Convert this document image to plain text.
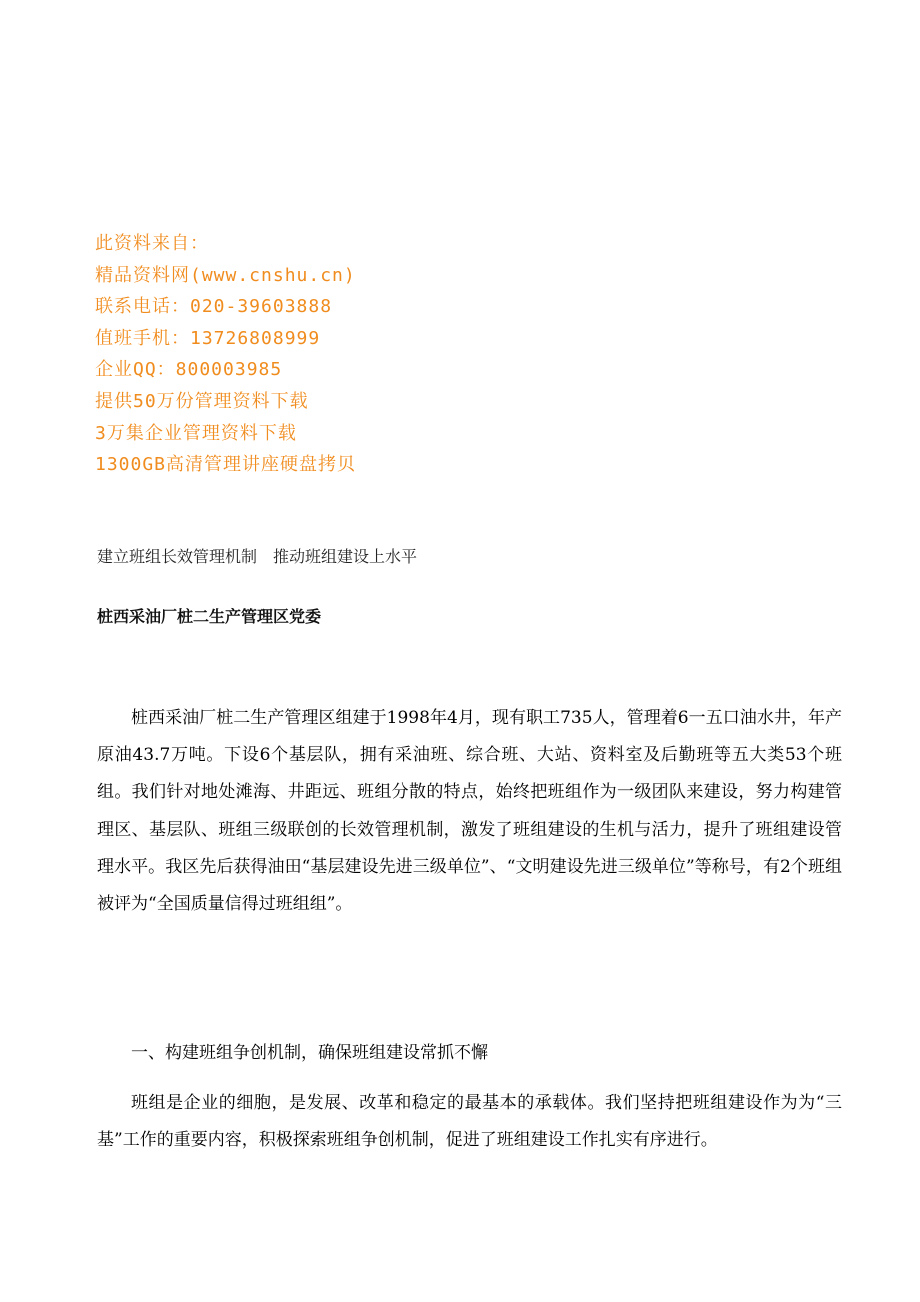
此资料来自：
精品资料网(www.cnshu.cn)
联系电话：020-39603888
值班手机：13726808999
企业QQ：800003985
提供50万份管理资料下载
3万集企业管理资料下载
1300GB高清管理讲座硬盘拷贝
建立班组长效管理机制　推动班组建设上水平
桩西采油厂桩二生产管理区党委

桩西采油厂桩二生产管理区组建于1998年4月，现有职工735人，管理着6一五口油水井，年产原油43.7万吨。下设6个基层队，拥有采油班、综合班、大站、资料室及后勤班等五大类53个班组。我们针对地处滩海、井距远、班组分散的特点，始终把班组作为一级团队来建设，努力构建管理区、基层队、班组三级联创的长效管理机制，激发了班组建设的生机与活力，提升了班组建设管理水平。我区先后获得油田“基层建设先进三级单位”、“文明建设先进三级单位”等称号，有2个班组被评为“全国质量信得过班组组”。

一、构建班组争创机制，确保班组建设常抓不懈

班组是企业的细胞，是发展、改革和稳定的最基本的承载体。我们坚持把班组建设作为为“三基”工作的重要内容，积极探索班组争创机制，促进了班组建设工作扎实有序进行。
